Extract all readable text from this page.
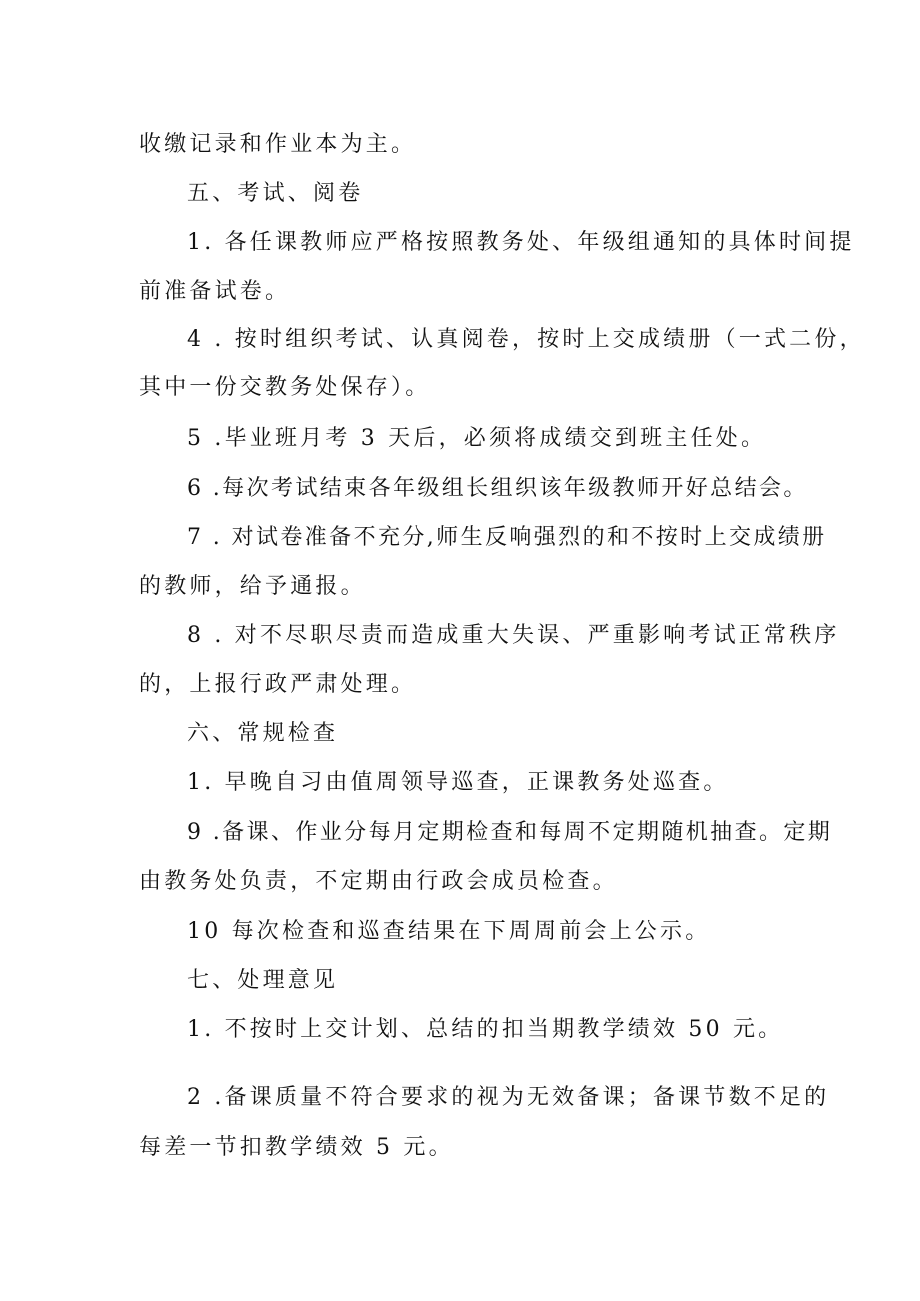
收缴记录和作业本为主。
五、考试、阅卷
1. 各任课教师应严格按照教务处、年级组通知的具体时间提
前准备试卷。
4 . 按时组织考试、认真阅卷，按时上交成绩册（一式二份，
其中一份交教务处保存）。
5 .毕业班月考 3 天后，必须将成绩交到班主任处。
6 .每次考试结束各年级组长组织该年级教师开好总结会。
7 . 对试卷准备不充分,师生反响强烈的和不按时上交成绩册
的教师，给予通报。
8 . 对不尽职尽责而造成重大失误、严重影响考试正常秩序
的，上报行政严肃处理。
六、常规检查
1. 早晚自习由值周领导巡查，正课教务处巡查。
9 .备课、作业分每月定期检查和每周不定期随机抽查。定期
由教务处负责，不定期由行政会成员检查。
10 每次检查和巡查结果在下周周前会上公示。
七、处理意见
1. 不按时上交计划、总结的扣当期教学绩效 50 元。
2 .备课质量不符合要求的视为无效备课；备课节数不足的
每差一节扣教学绩效 5 元。
